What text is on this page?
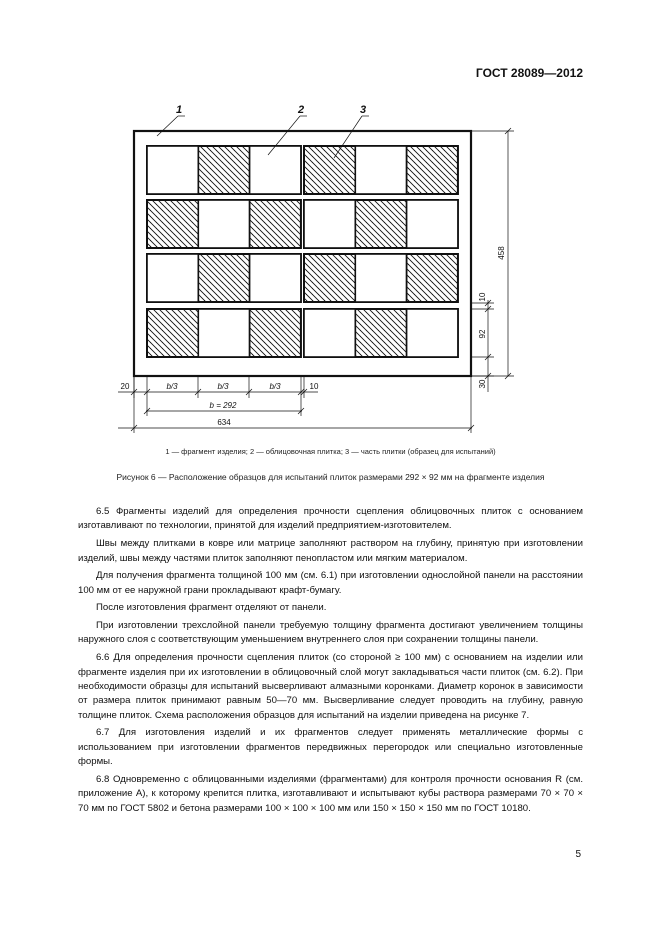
ГОСТ 28089—2012
1	2	3
20	b/3	b/3	b/3	10
b = 292
634
458
10
92
30
1 — фрагмент изделия; 2 — облицовочная плитка; 3 — часть плитки (образец для испытаний)
Рисунок 6 — Расположение образцов для испытаний плиток размерами 292 × 92 мм на фрагменте изделия

6.5 Фрагменты изделий для определения прочности сцепления облицовочных плиток с основанием изготавливают по технологии, принятой для изделий предприятием-изготовителем.

Швы между плитками в ковре или матрице заполняют раствором на глубину, принятую при изготовлении изделий, швы между частями плиток заполняют пенопластом или мягким материалом.

Для получения фрагмента толщиной 100 мм (см. 6.1) при изготовлении однослойной панели на расстоянии 100 мм от ее наружной грани прокладывают крафт-бумагу.

После изготовления фрагмент отделяют от панели.

При изготовлении трехслойной панели требуемую толщину фрагмента достигают увеличением толщины наружного слоя с соответствующим уменьшением внутреннего слоя при сохранении толщины панели.

6.6 Для определения прочности сцепления плиток (со стороной ≥ 100 мм) с основанием на изделии или фрагменте изделия при их изготовлении в облицовочный слой могут закладываться части плиток (см. 6.2). При необходимости образцы для испытаний высверливают алмазными коронками. Диаметр коронок в зависимости от размера плиток принимают равным 50—70 мм. Высверливание следует проводить на глубину, равную толщине плиток. Схема расположения образцов для испытаний на изделии приведена на рисунке 7.

6.7 Для изготовления изделий и их фрагментов следует применять металлические формы с использованием при изготовлении фрагментов передвижных перегородок или специально изготовленные формы.

6.8 Одновременно с облицованными изделиями (фрагментами) для контроля прочности основания R (см. приложение А), к которому крепится плитка, изготавливают и испытывают кубы раствора размерами 70 × 70 × 70 мм по ГОСТ 5802 и бетона размерами 100 × 100 × 100 мм или 150 × 150 × 150 мм по ГОСТ 10180.

5
